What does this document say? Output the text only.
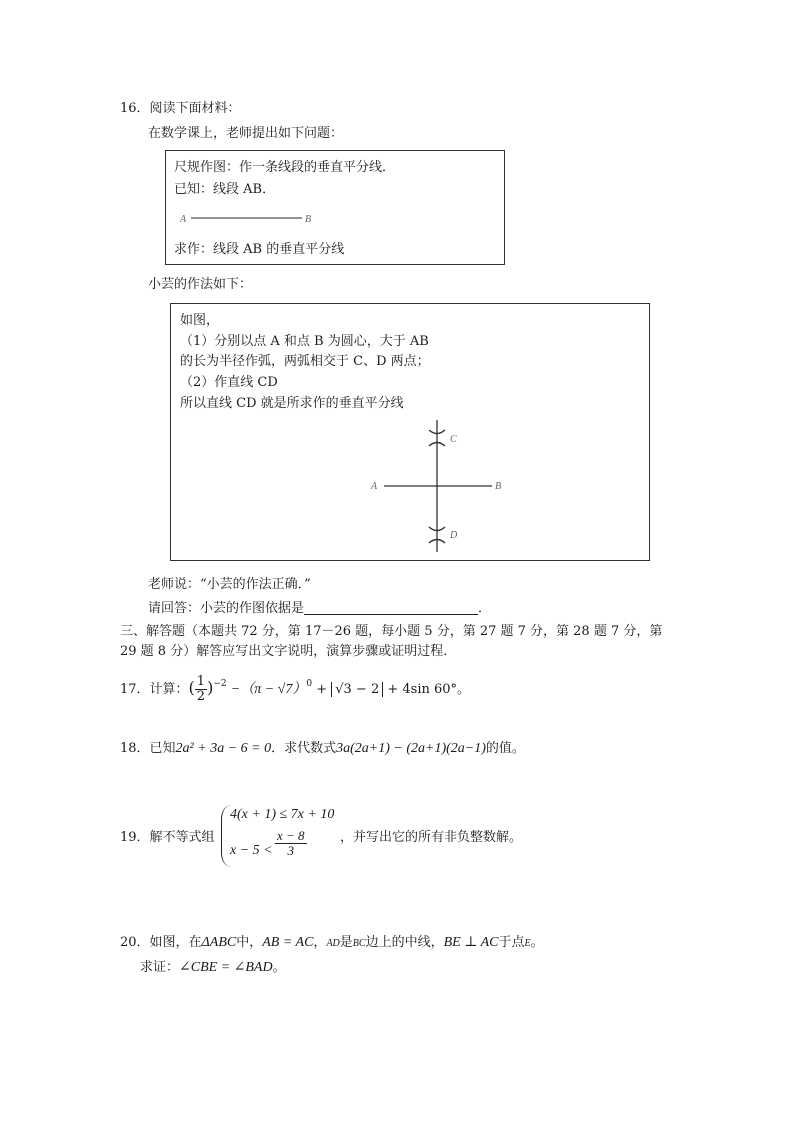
16．阅读下面材料：
在数学课上，老师提出如下问题：
尺规作图：作一条线段的垂直平分线．
已知：线段 AB．
A	B
求作：线段 AB 的垂直平分线
小芸的作法如下：
如图，
（1）分别以点 A 和点 B 为圆心，大于 AB
的长为半径作弧，两弧相交于 C、D 两点；
（2）作直线 CD
所以直线 CD 就是所求作的垂直平分线
A	B
C
D
老师说：“小芸的作法正确．”
请回答：小芸的作图依据是	．
三、解答题（本题共 72 分，第 17－26 题，每小题 5 分，第 27 题 7 分，第 28 题 7 分，第
29 题 8 分）解答应写出文字说明，演算步骤或证明过程．
17．计算：( $\frac{1}{2} )^{-2} -(\pi - √7)^0 + √3 - 2 + 4\sin$ 60°。
18．已知2a² + 3a − 6 = 0．求代数式3a(2a+1) − (2a+1)(2a−1)的值。
19．解不等式组
4(x + 1) ≤ 7x + 10
$x - 5 < \frac{x - 8}{3}$	，并写出它的所有非负整数解。
20．如图，在ΔABC中，AB = AC，AD是BC边上的中线，BE ⊥ AC于点E。
求证：∠CBE = ∠BAD。
